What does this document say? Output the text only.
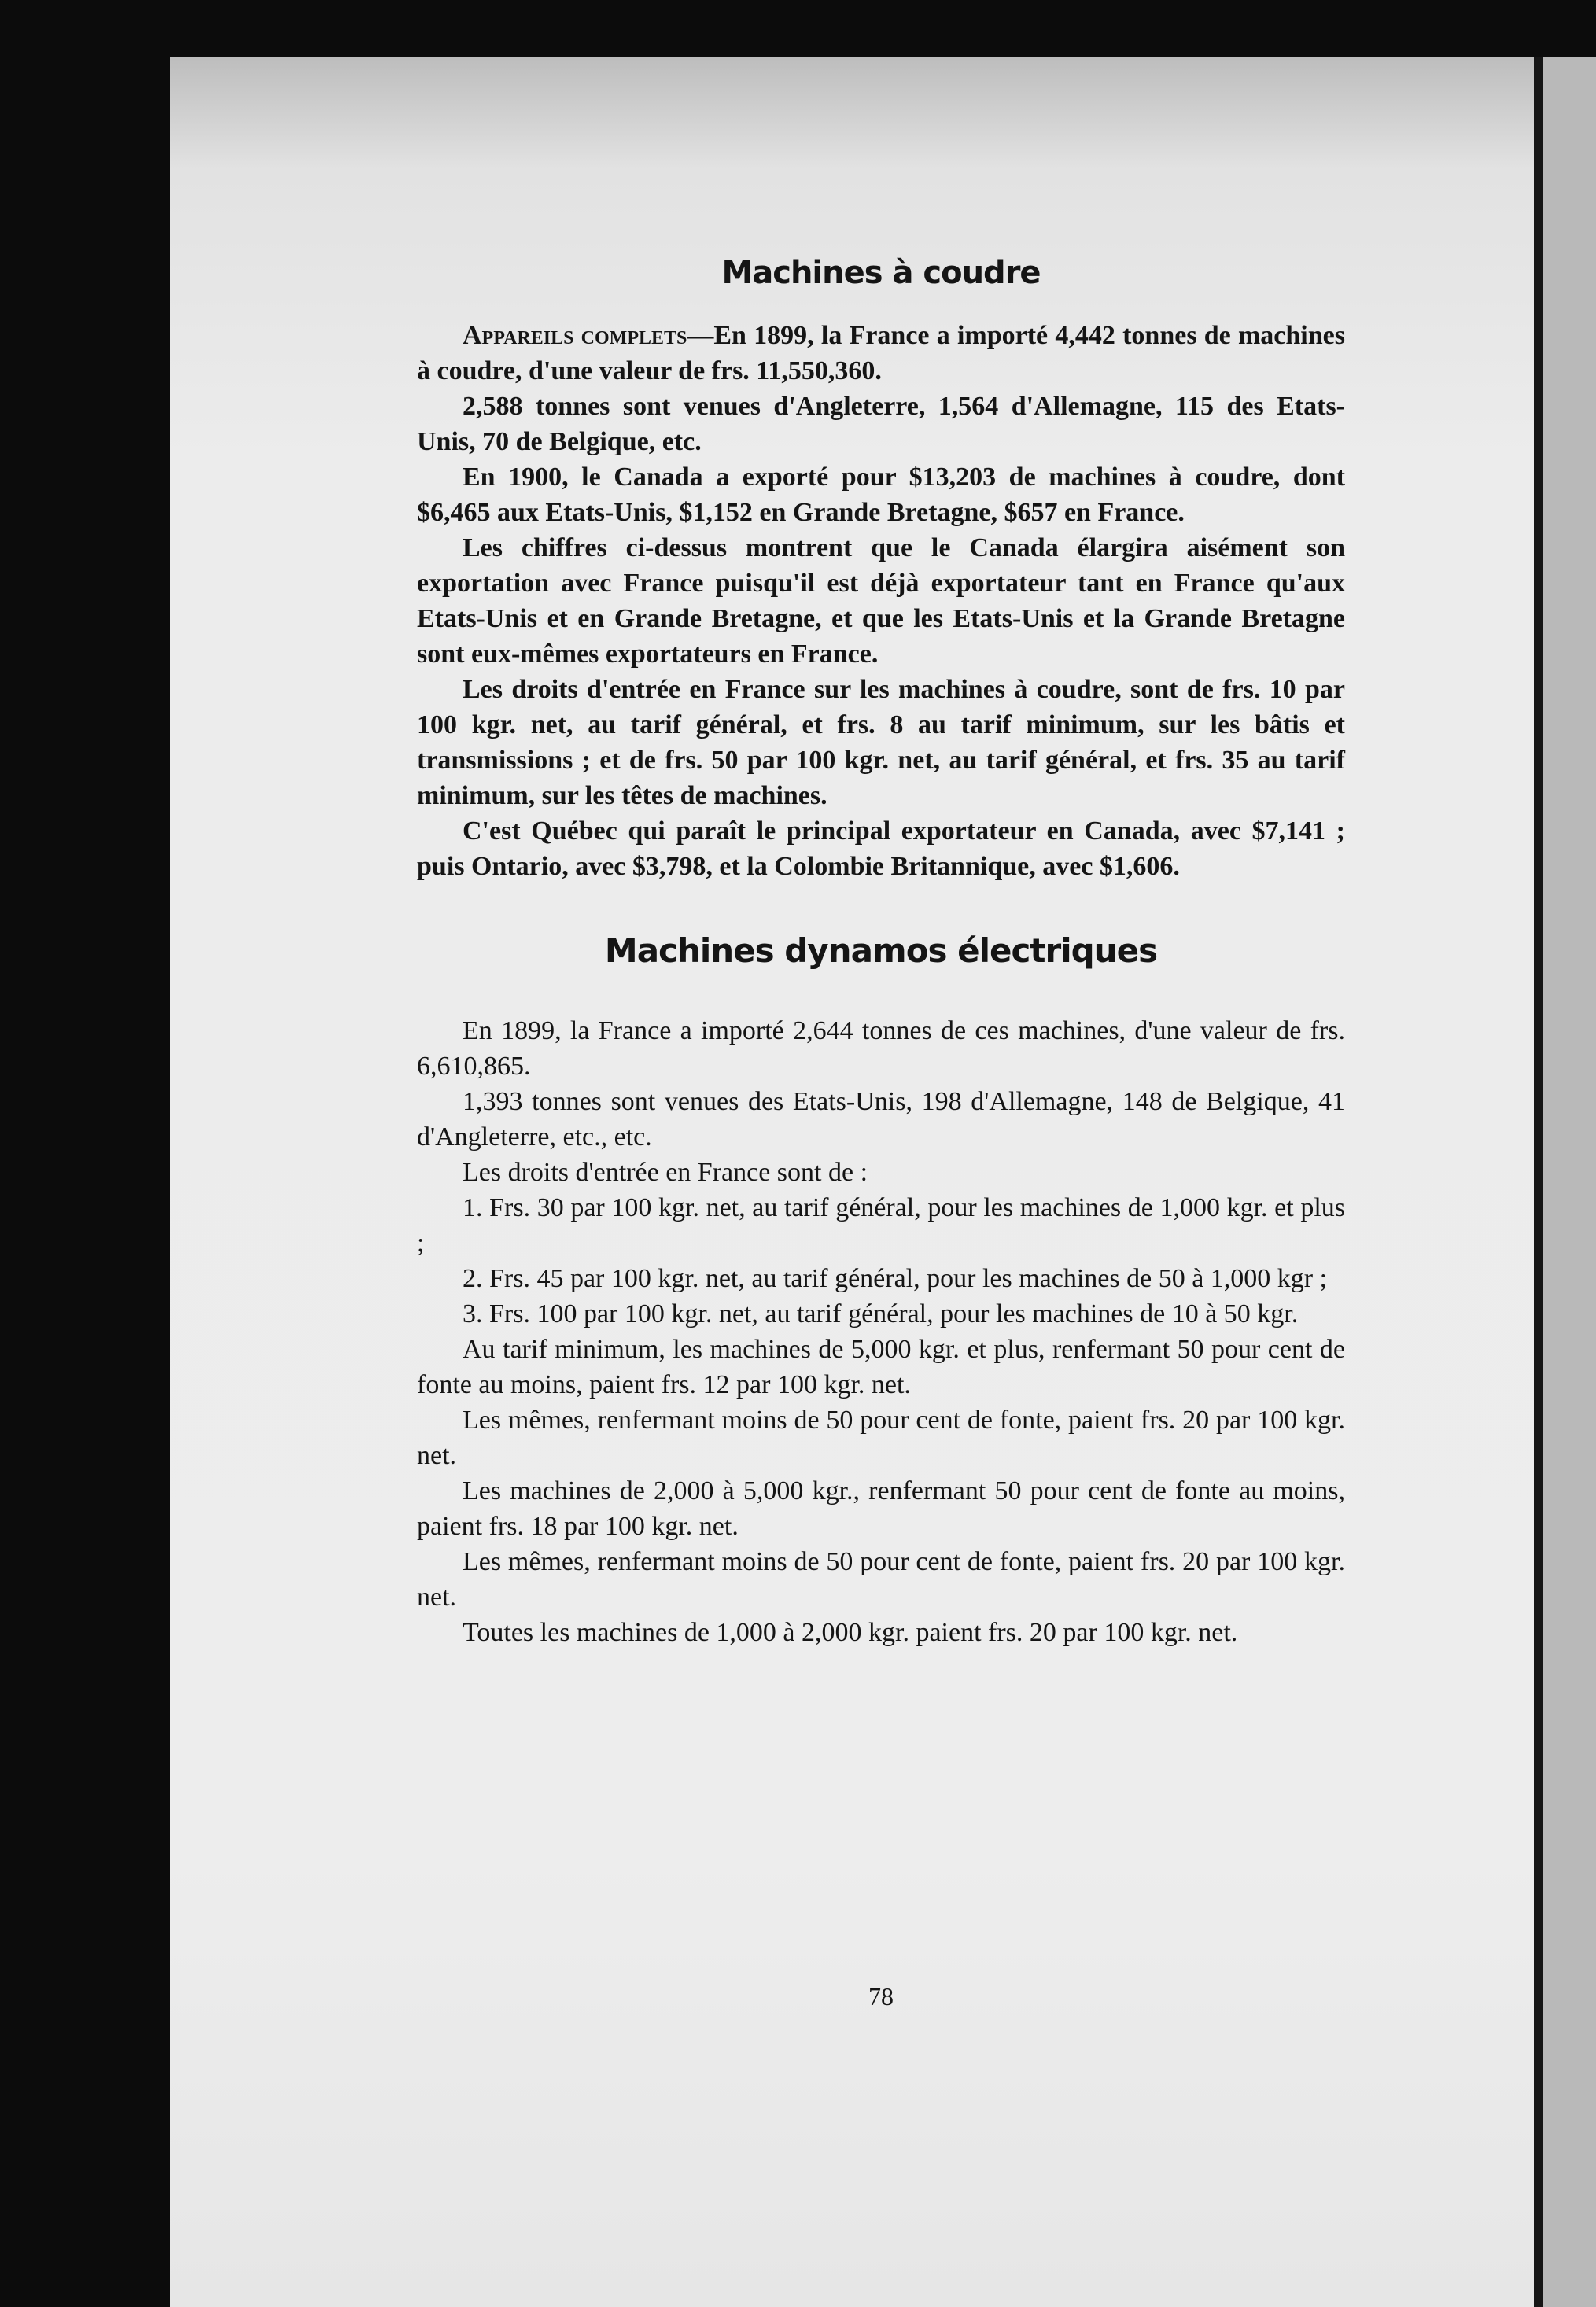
Machines à coudre

Appareils complets—En 1899, la France a importé 4,442 tonnes de machines à coudre, d'une valeur de frs. 11,550,360.

2,588 tonnes sont venues d'Angleterre, 1,564 d'Allemagne, 115 des Etats-Unis, 70 de Belgique, etc.

En 1900, le Canada a exporté pour $13,203 de machines à coudre, dont $6,465 aux Etats-Unis, $1,152 en Grande Bretagne, $657 en France.

Les chiffres ci-dessus montrent que le Canada élargira aisément son exportation avec France puisqu'il est déjà exportateur tant en France qu'aux Etats-Unis et en Grande Bretagne, et que les Etats-Unis et la Grande Bretagne sont eux-mêmes exportateurs en France.

Les droits d'entrée en France sur les machines à coudre, sont de frs. 10 par 100 kgr. net, au tarif général, et frs. 8 au tarif minimum, sur les bâtis et transmissions ; et de frs. 50 par 100 kgr. net, au tarif général, et frs. 35 au tarif minimum, sur les têtes de machines.

C'est Québec qui paraît le principal exportateur en Canada, avec $7,141 ; puis Ontario, avec $3,798, et la Colombie Britannique, avec $1,606.

Machines dynamos électriques

En 1899, la France a importé 2,644 tonnes de ces machines, d'une valeur de frs. 6,610,865.

1,393 tonnes sont venues des Etats-Unis, 198 d'Allemagne, 148 de Belgique, 41 d'Angleterre, etc., etc.

Les droits d'entrée en France sont de :

1. Frs. 30 par 100 kgr. net, au tarif général, pour les machines de 1,000 kgr. et plus ;

2. Frs. 45 par 100 kgr. net, au tarif général, pour les machines de 50 à 1,000 kgr ;

3. Frs. 100 par 100 kgr. net, au tarif général, pour les machines de 10 à 50 kgr.

Au tarif minimum, les machines de 5,000 kgr. et plus, renfermant 50 pour cent de fonte au moins, paient frs. 12 par 100 kgr. net.

Les mêmes, renfermant moins de 50 pour cent de fonte, paient frs. 20 par 100 kgr. net.

Les machines de 2,000 à 5,000 kgr., renfermant 50 pour cent de fonte au moins, paient frs. 18 par 100 kgr. net.

Les mêmes, renfermant moins de 50 pour cent de fonte, paient frs. 20 par 100 kgr. net.

Toutes les machines de 1,000 à 2,000 kgr. paient frs. 20 par 100 kgr. net.

78
